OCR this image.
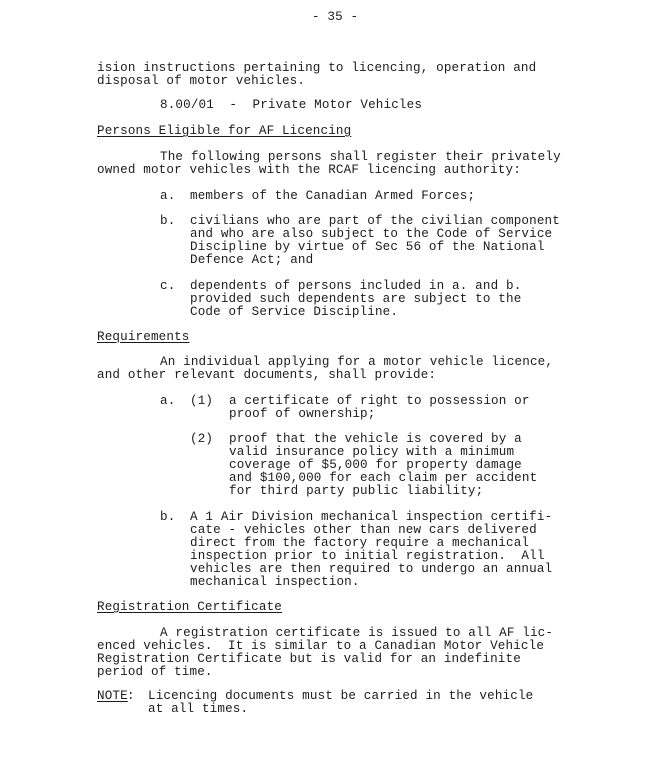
- 35 -
ision instructions pertaining to licencing, operation and
disposal of motor vehicles.
8.00/01  -  Private Motor Vehicles
Persons Eligible for AF Licencing
The following persons shall register their privately
owned motor vehicles with the RCAF licencing authority:
a. members of the Canadian Armed Forces;
b. civilians who are part of the civilian component
and who are also subject to the Code of Service
Discipline by virtue of Sec 56 of the National
Defence Act; and
c. dependents of persons included in a. and b.
provided such dependents are subject to the
Code of Service Discipline.
Requirements
An individual applying for a motor vehicle licence,
and other relevant documents, shall provide:
a. (1) a certificate of right to possession or
proof of ownership;
(2) proof that the vehicle is covered by a
valid insurance policy with a minimum
coverage of $5,000 for property damage
and $100,000 for each claim per accident
for third party public liability;
b. A 1 Air Division mechanical inspection certifi-
cate - vehicles other than new cars delivered
direct from the factory require a mechanical
inspection prior to initial registration.  All
vehicles are then required to undergo an annual
mechanical inspection.
Registration Certificate
A registration certificate is issued to all AF lic-
enced vehicles.  It is similar to a Canadian Motor Vehicle
Registration Certificate but is valid for an indefinite
period of time.
NOTE : Licencing documents must be carried in the vehicle
at all times.
